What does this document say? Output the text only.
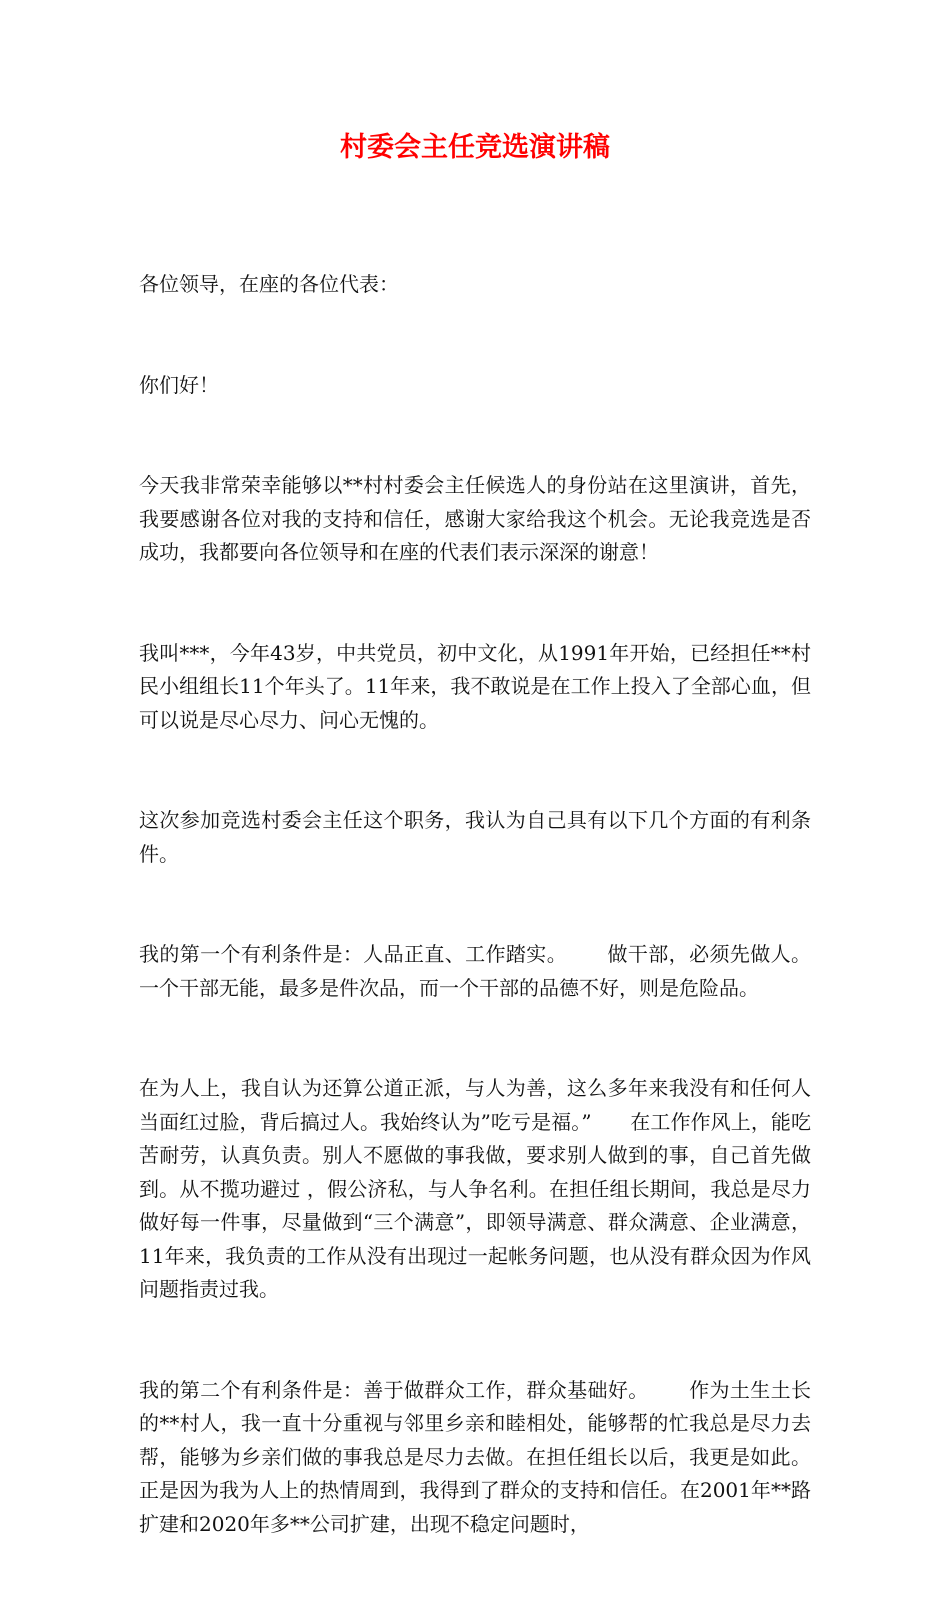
村委会主任竞选演讲稿

各位领导，在座的各位代表：

你们好！

今天我非常荣幸能够以**村村委会主任候选人的身份站在这里演讲，首先，我要感谢各位对我的支持和信任，感谢大家给我这个机会。无论我竞选是否成功，我都要向各位领导和在座的代表们表示深深的谢意！

我叫***，今年43岁，中共党员，初中文化，从1991年开始，已经担任**村民小组组长11个年头了。11年来，我不敢说是在工作上投入了全部心血，但可以说是尽心尽力、问心无愧的。

这次参加竞选村委会主任这个职务，我认为自己具有以下几个方面的有利条件。

我的第一个有利条件是：人品正直、工作踏实。      做干部，必须先做人。一个干部无能，最多是件次品，而一个干部的品德不好，则是危险品。

在为人上，我自认为还算公道正派，与人为善，这么多年来我没有和任何人当面红过脸，背后搞过人。我始终认为”吃亏是福。”      在工作作风上，能吃苦耐劳，认真负责。别人不愿做的事我做，要求别人做到的事，自己首先做到。从不揽功避过 ，假公济私，与人争名利。在担任组长期间，我总是尽力做好每一件事，尽量做到“三个满意”，即领导满意、群众满意、企业满意，11年来，我负责的工作从没有出现过一起帐务问题，也从没有群众因为作风问题指责过我。

我的第二个有利条件是：善于做群众工作，群众基础好。      作为土生土长的**村人，我一直十分重视与邻里乡亲和睦相处，能够帮的忙我总是尽力去帮，能够为乡亲们做的事我总是尽力去做。在担任组长以后，我更是如此。正是因为我为人上的热情周到，我得到了群众的支持和信任。在2001年**路扩建和2020年多**公司扩建，出现不稳定问题时，
